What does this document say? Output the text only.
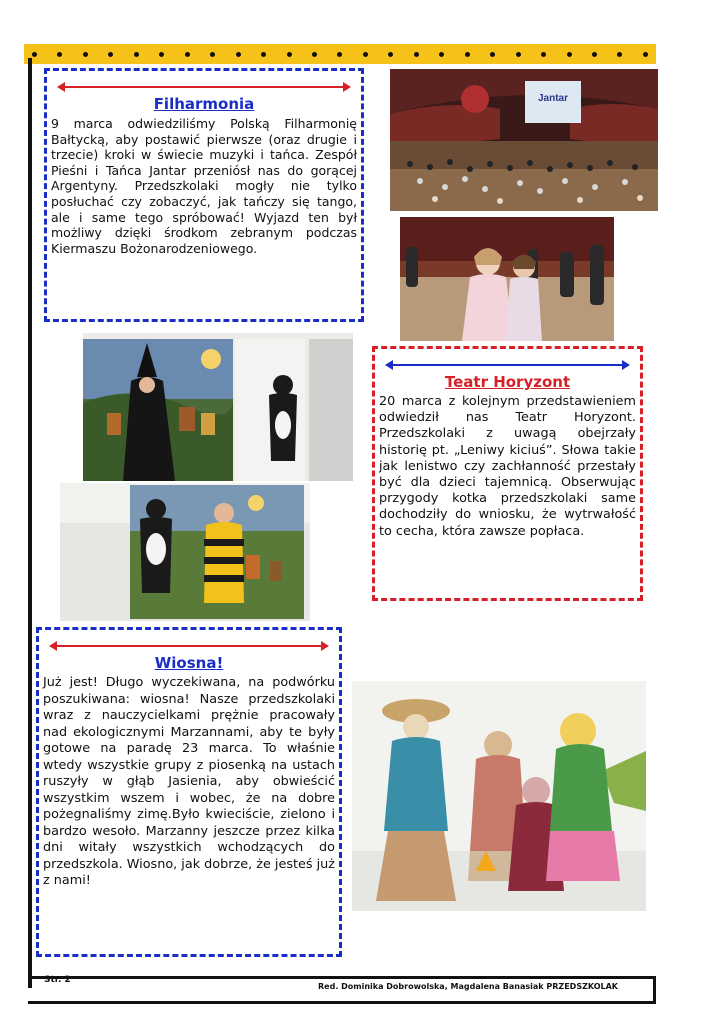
Filharmonia
9 marca odwiedziliśmy Polską Filharmonię Bałtycką, aby postawić pierwsze (oraz drugie i trzecie) kroki w świecie muzyki i tańca. Zespół Pieśni i Tańca Jantar przeniósł nas do gorącej Argentyny. Przedszkolaki mogły nie tylko posłuchać czy zobaczyć, jak tańczy się tango, ale i same tego spróbować! Wyjazd ten był możliwy dzięki środkom zebranym podczas Kiermaszu Bożonarodzeniowego.
Jantar
Teatr Horyzont
20 marca z kolejnym przedstawieniem odwiedził nas Teatr Horyzont. Przedszkolaki z uwagą obejrzały historię pt. „Leniwy kiciuś”. Słowa takie jak lenistwo czy zachłanność przestały być dla dzieci tajemnicą. Obserwując przygody kotka przedszkolaki same dochodziły do wniosku, że wytrwałość to cecha, która zawsze popłaca.
Wiosna!
Już jest! Długo wyczekiwana, na podwórku poszukiwana: wiosna! Nasze przedszkolaki wraz z nauczycielkami prężnie pracowały nad ekologicznymi Marzannami, aby te były gotowe na paradę 23 marca. To właśnie wtedy wszystkie grupy z piosenką na ustach ruszyły w głąb Jasienia, aby obwieścić wszystkim wszem i wobec, że na dobre pożegnaliśmy zimę.Było kwieciście, zielono i bardzo wesoło. Marzanny jeszcze przez kilka dni witały wszystkich wchodzących do przedszkola. Wiosno, jak dobrze, że jesteś już z nami!
Str. 2
Red. Dominika Dobrowolska, Magdalena Banasiak PRZEDSZKOLAK
